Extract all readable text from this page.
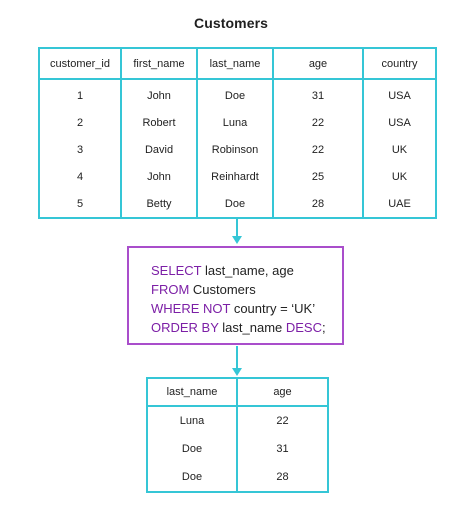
Customers
customer_id	first_name	last_name	age	country
1	John	Doe	31	USA
2	Robert	Luna	22	USA
3	David	Robinson	22	UK
4	John	Reinhardt	25	UK
5	Betty	Doe	28	UAE
SELECT last_name, age
FROM Customers
WHERE NOT country = ‘UK’
ORDER BY last_name DESC;
last_name	age
Luna	22
Doe	31
Doe	28
